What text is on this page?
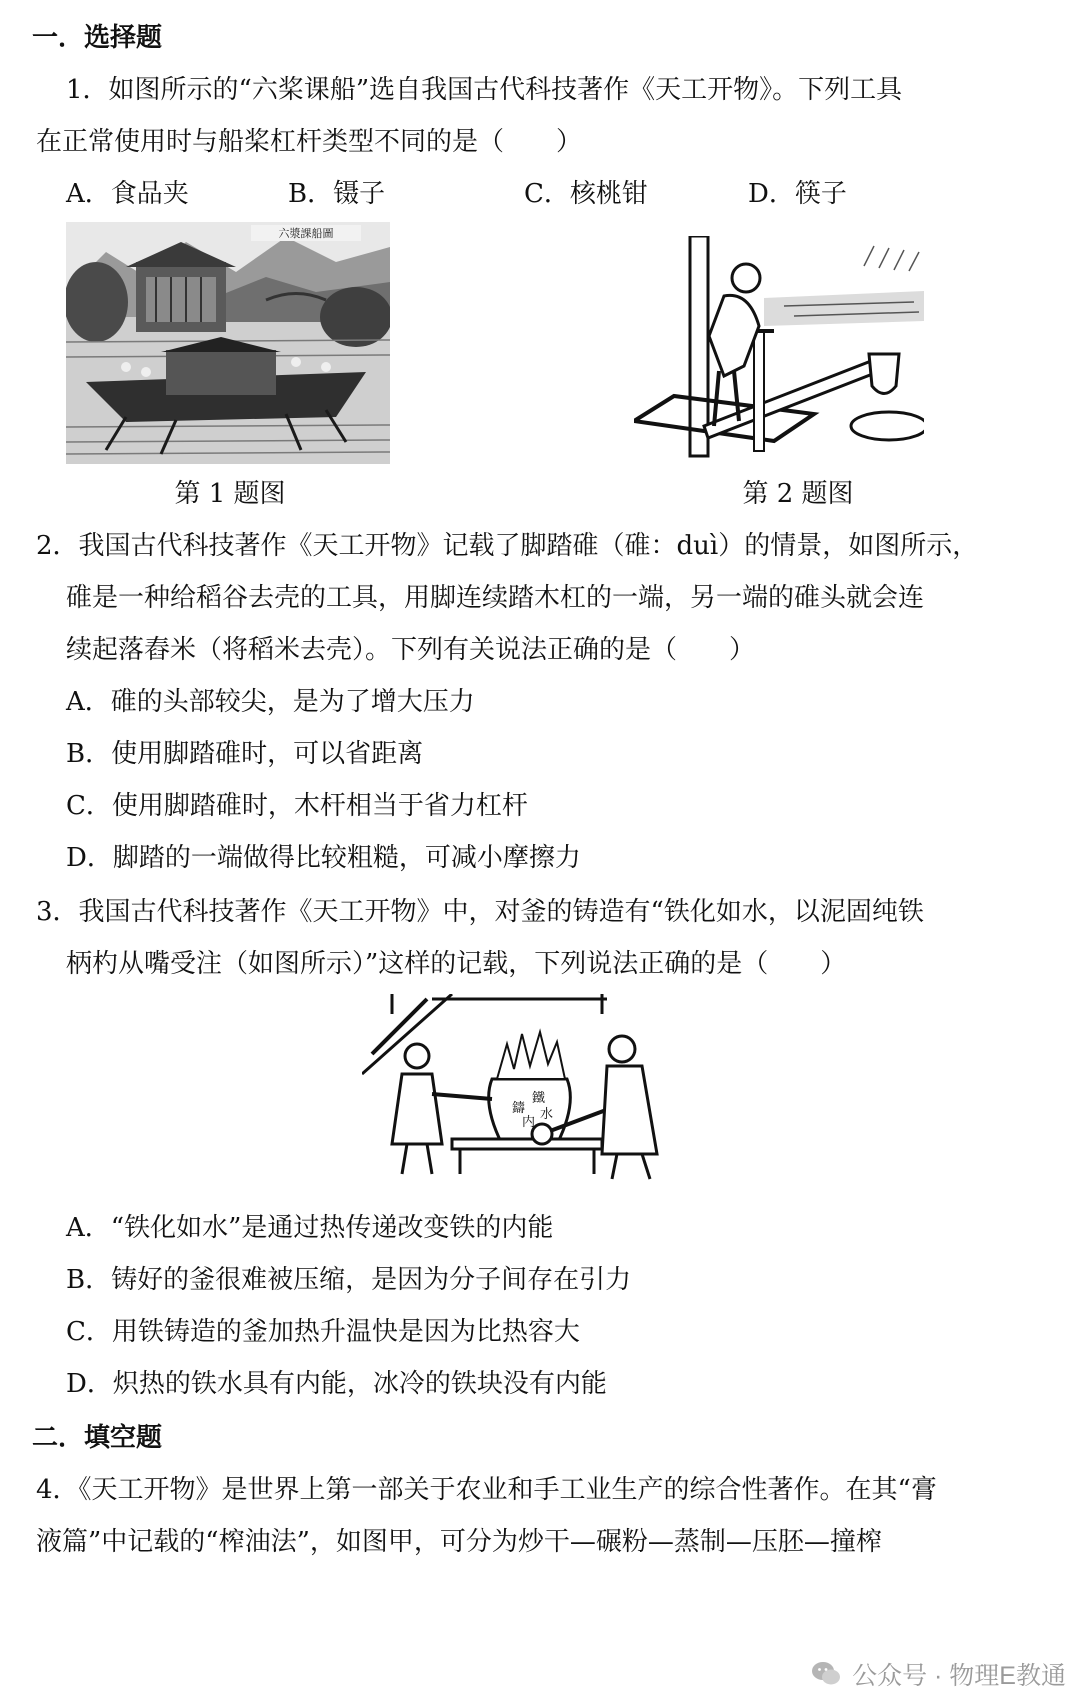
一．选择题
1．如图所示的“六桨课船”选自我国古代科技著作《天工开物》。下列工具
在正常使用时与船桨杠杆类型不同的是（　　）
A．食品夹	B．镊子	C．核桃钳	D．筷子
六漿課船圖
第 1 题图	第 2 题图
2．我国古代科技著作《天工开物》记载了脚踏碓（碓：duì）的情景，如图所示，
碓是一种给稻谷去壳的工具，用脚连续踏木杠的一端，另一端的碓头就会连
续起落舂米（将稻米去壳）。下列有关说法正确的是（　　）
A．碓的头部较尖，是为了增大压力
B．使用脚踏碓时，可以省距离
C．使用脚踏碓时，木杆相当于省力杠杆
D．脚踏的一端做得比较粗糙，可减小摩擦力
3．我国古代科技著作《天工开物》中，对釜的铸造有“铁化如水，以泥固纯铁
柄杓从嘴受注（如图所示）”这样的记载，下列说法正确的是（　　）
鑄
鐵
内
水
A．“铁化如水”是通过热传递改变铁的内能
B．铸好的釜很难被压缩，是因为分子间存在引力
C．用铁铸造的釜加热升温快是因为比热容大
D．炽热的铁水具有内能，冰冷的铁块没有内能
二．填空题
4．《天工开物》是世界上第一部关于农业和手工业生产的综合性著作。在其“膏
液篇”中记载的“榨油法”，如图甲，可分为炒干—碾粉—蒸制—压胚—撞榨
公众号 · 物理E教通
